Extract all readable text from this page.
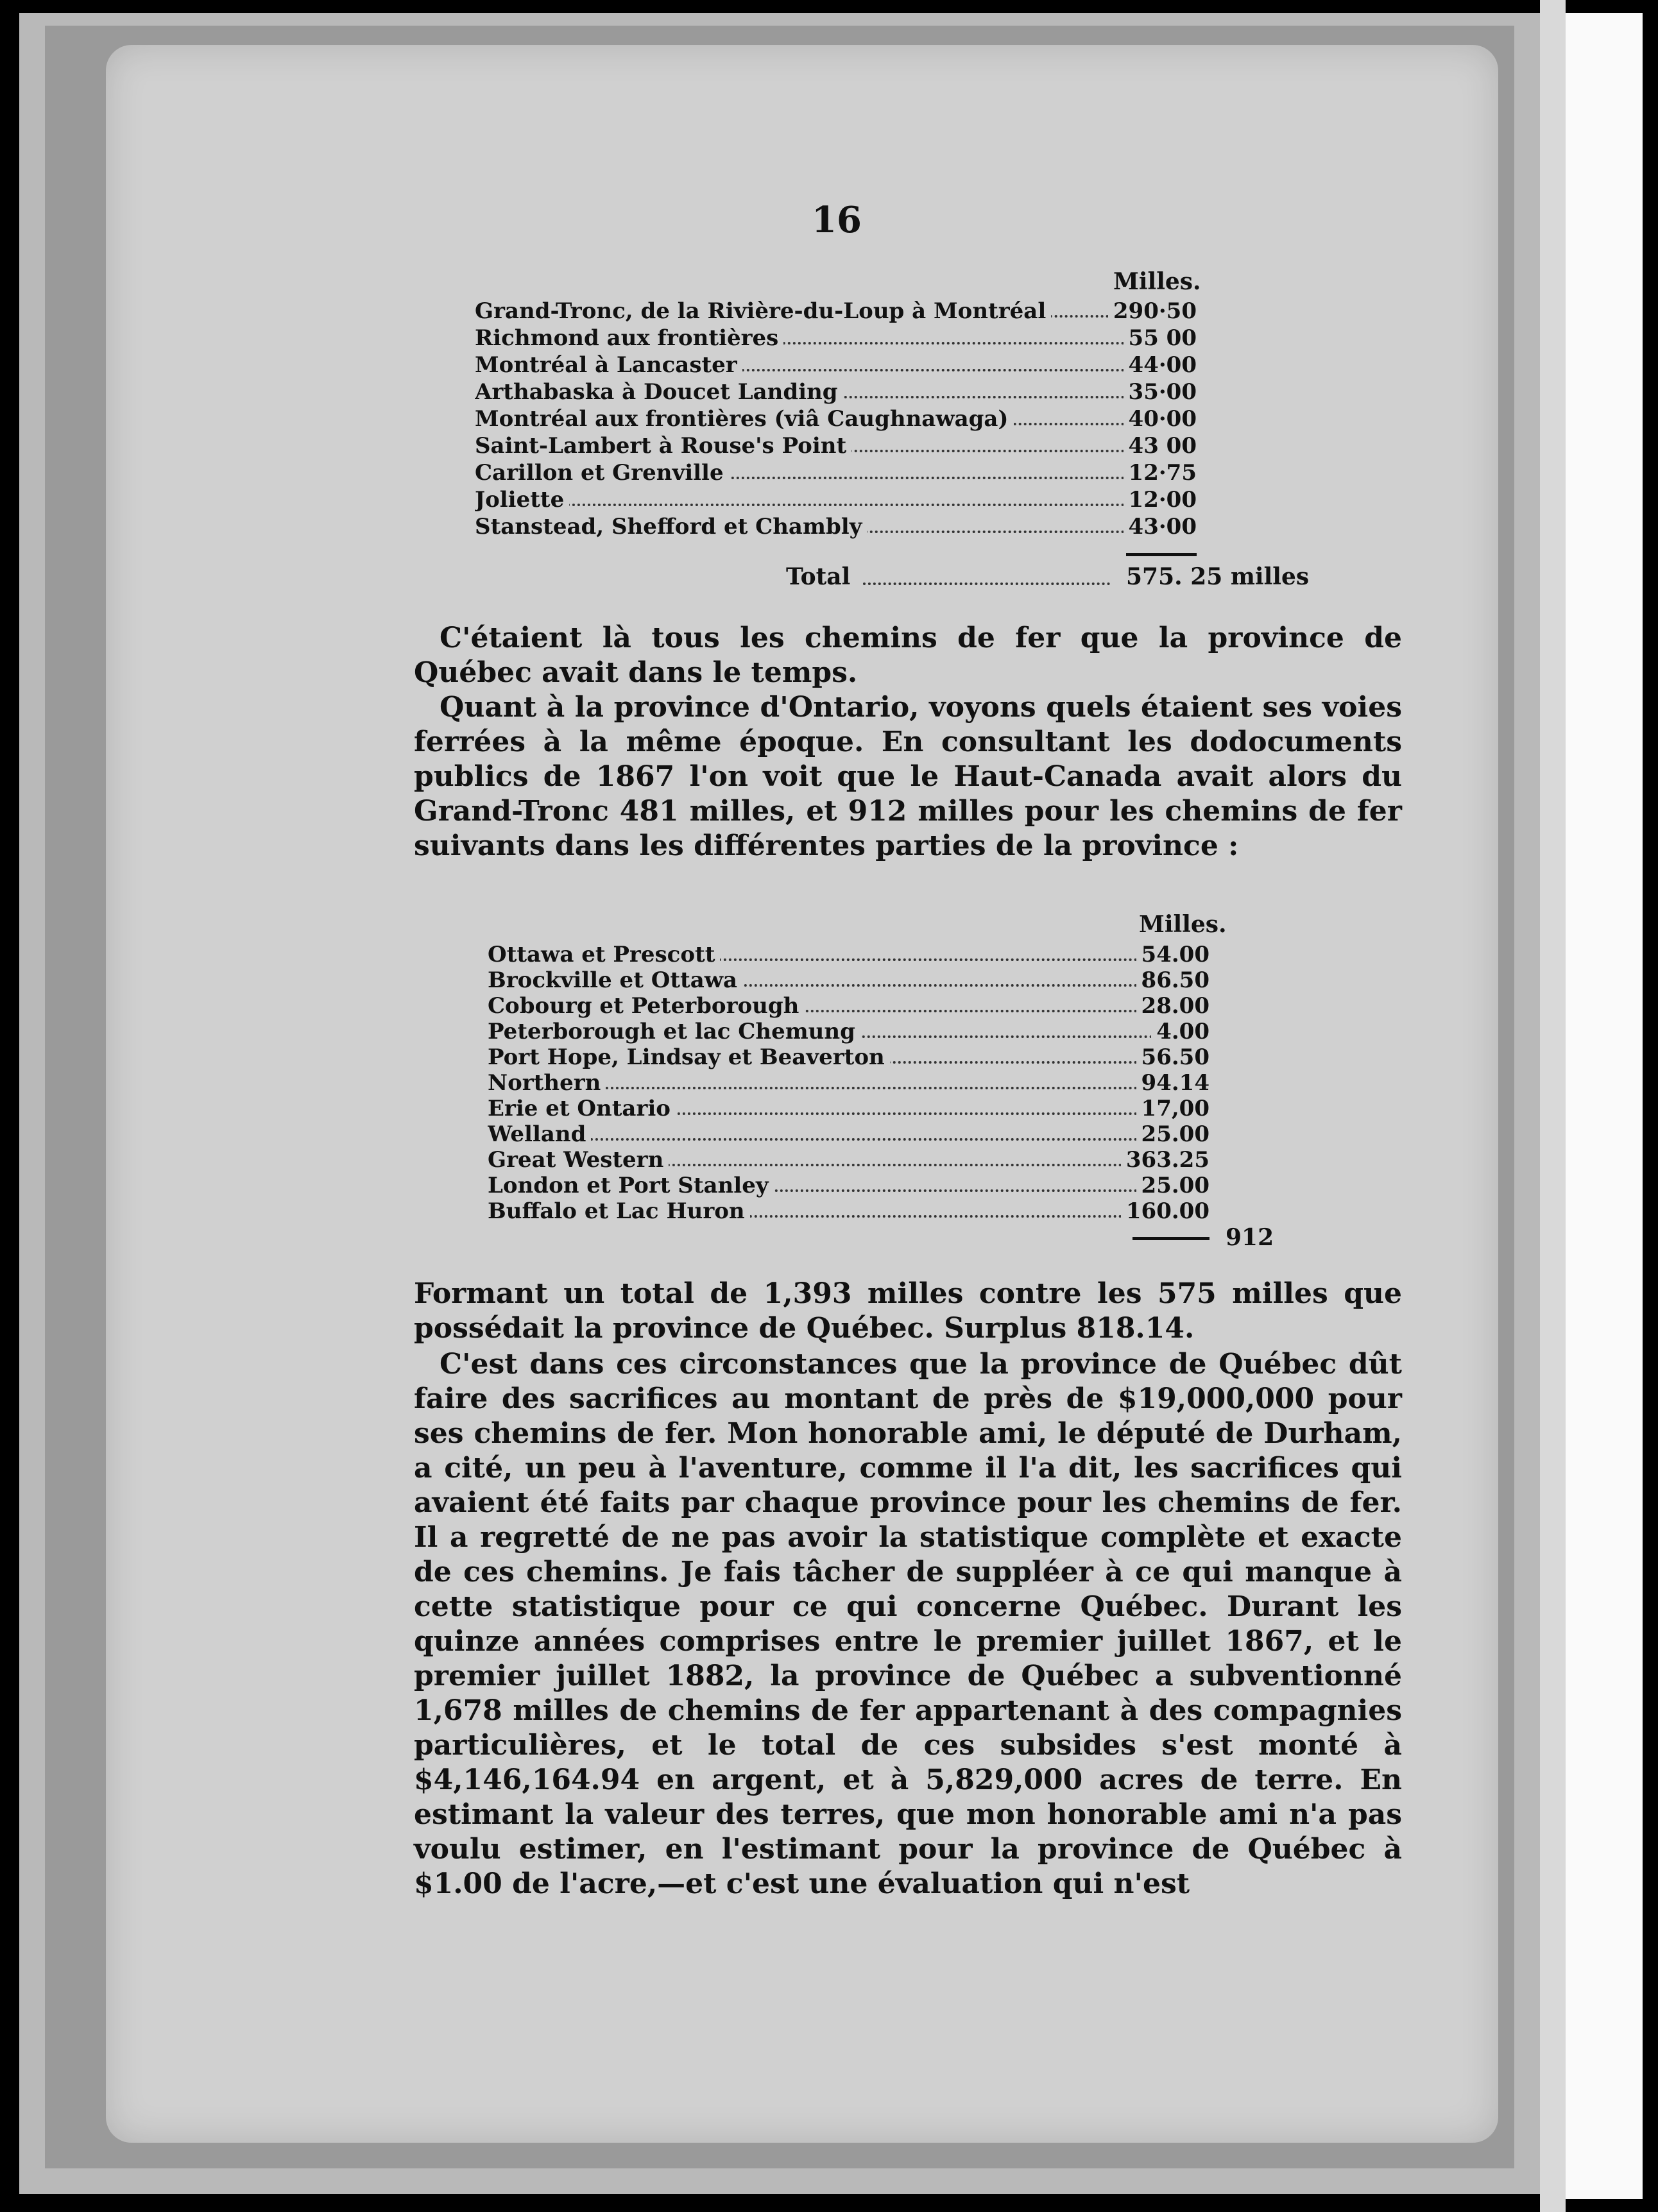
16
Milles.
Grand-Tronc, de la Rivière-du-Loup à Montréal	290·50
Richmond aux frontières	55 00
Montréal à Lancaster	44·00
Arthabaska à Doucet Landing	35·00
Montréal aux frontières (viâ Caughnawaga)	40·00
Saint-Lambert à Rouse's Point	43 00
Carillon et Grenville	12·75
Joliette	12·00
Stanstead, Shefford et Chambly	43·00
Total	575. 25 milles
C'étaient là tous les chemins de fer que la province de Québec avait dans le temps.
Quant à la province d'Ontario, voyons quels étaient ses voies ferrées à la même époque. En consultant les dodocuments publics de 1867 l'on voit que le Haut-Canada avait alors du Grand-Tronc 481 milles, et 912 milles pour les chemins de fer suivants dans les différentes parties de la province :
Milles.
Ottawa et Prescott	54.00
Brockville et Ottawa	86.50
Cobourg et Peterborough	28.00
Peterborough et lac Chemung	4.00
Port Hope, Lindsay et Beaverton	56.50
Northern	94.14
Erie et Ontario	17,00
Welland	25.00
Great Western	363.25
London et Port Stanley	25.00
Buffalo et Lac Huron	160.00
912
Formant un total de 1,393 milles contre les 575 milles que possédait la province de Québec. Surplus 818.14.
C'est dans ces circonstances que la province de Québec dût faire des sacrifices au montant de près de $19,000,000 pour ses chemins de fer. Mon honorable ami, le député de Durham, a cité, un peu à l'aventure, comme il l'a dit, les sacrifices qui avaient été faits par chaque province pour les chemins de fer. Il a regretté de ne pas avoir la statistique complète et exacte de ces chemins. Je fais tâcher de suppléer à ce qui manque à cette statistique pour ce qui concerne Québec. Durant les quinze années comprises entre le premier juillet 1867, et le premier juillet 1882, la province de Québec a subventionné 1,678 milles de chemins de fer appartenant à des compagnies particulières, et le total de ces subsides s'est monté à $4,146,164.94 en argent, et à 5,829,000 acres de terre. En estimant la valeur des terres, que mon honorable ami n'a pas voulu estimer, en l'estimant pour la province de Québec à $1.00 de l'acre,—et c'est une évaluation qui n'est
